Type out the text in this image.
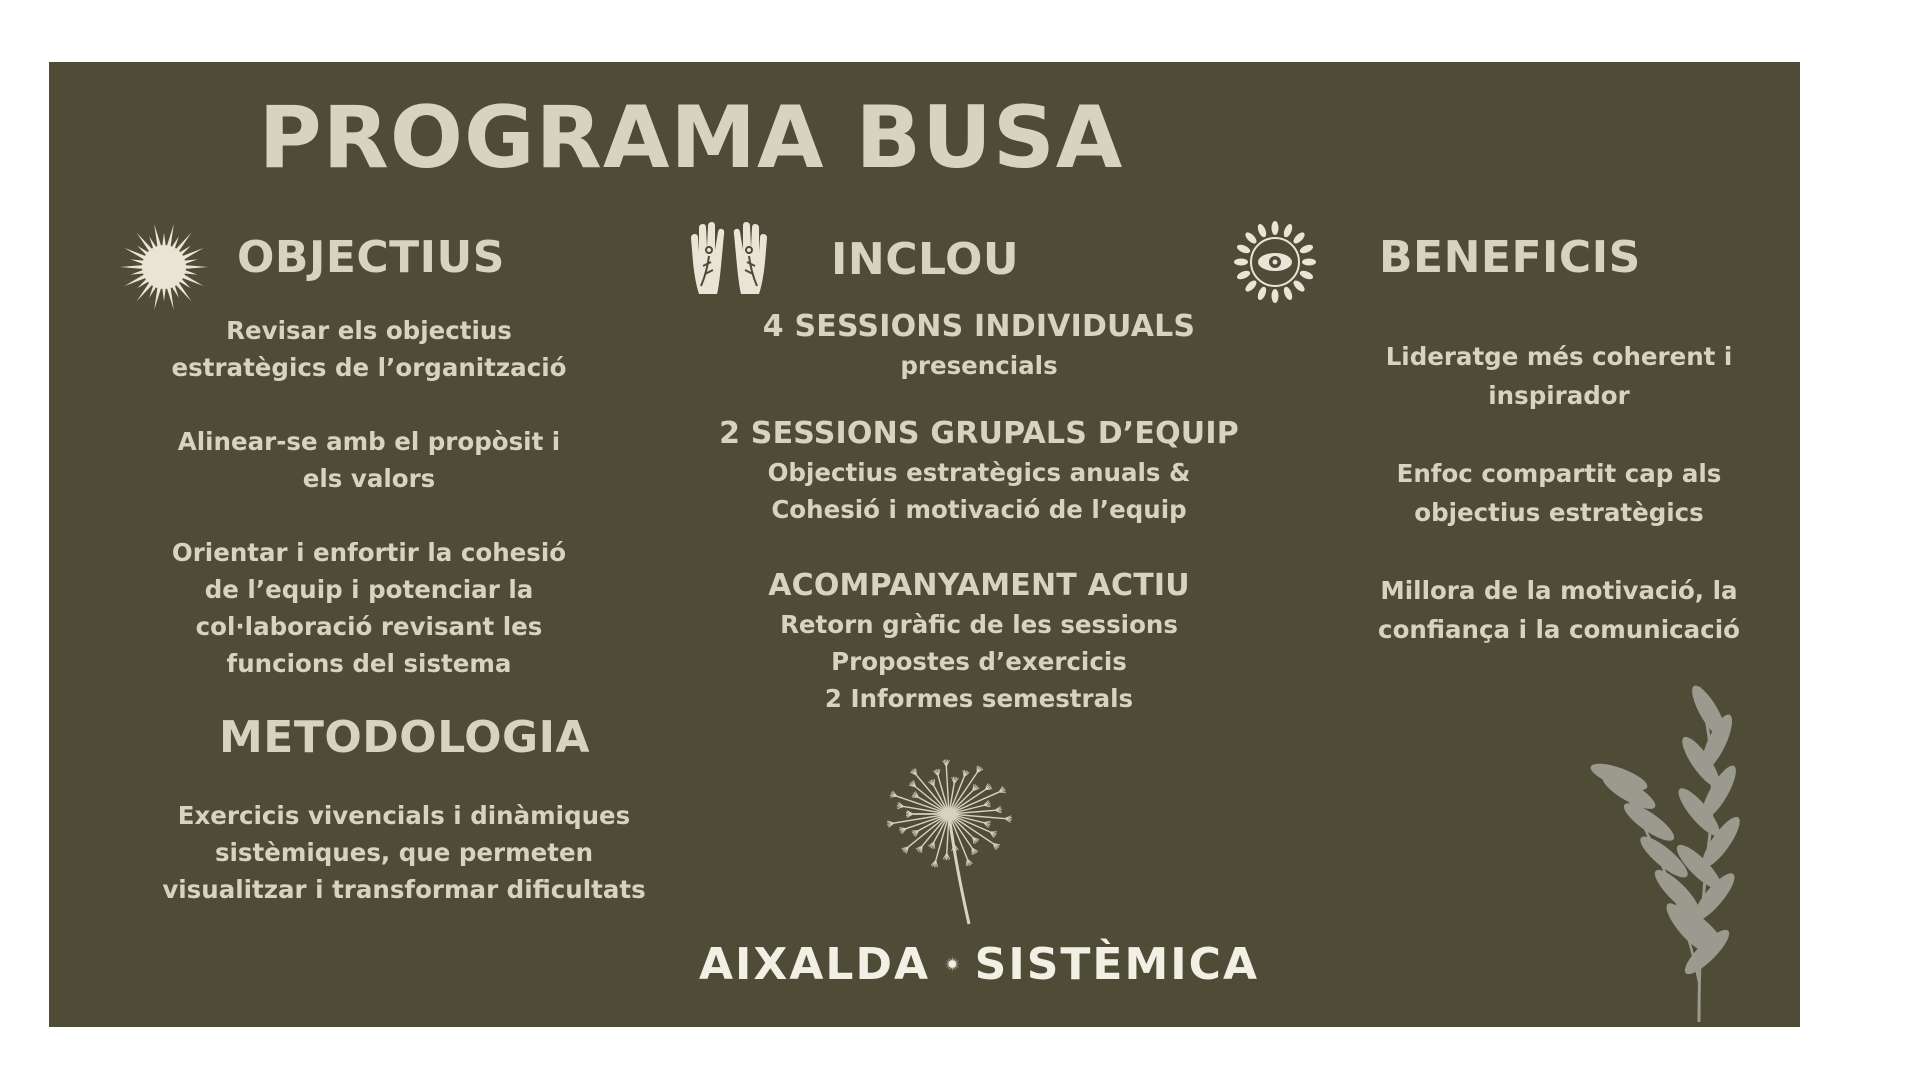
PROGRAMA BUSA
OBJECTIUS

Revisar els objectius estratègics de l’organització

Alinear-se amb el propòsit i els valors

Orientar i enfortir la cohesió de l’equip i potenciar la col·laboració revisant les funcions del sistema

METODOLOGIA
Exercicis vivencials i dinàmiques sistèmiques, que permeten visualitzar i transformar dificultats
INCLOU
4 SESSIONS INDIVIDUALS
presencials
2 SESSIONS GRUPALS D’EQUIP
Objectius estratègics anuals &
Cohesió i motivació de l’equip
ACOMPANYAMENT ACTIU
Retorn gràfic de les sessions
Propostes d’exercicis
2 Informes semestrals
BENEFICIS

Lideratge més coherent i inspirador

Enfoc compartit cap als objectius estratègics

Millora de la motivació, la confiança i la comunicació

AIXALDA SISTÈMICA
